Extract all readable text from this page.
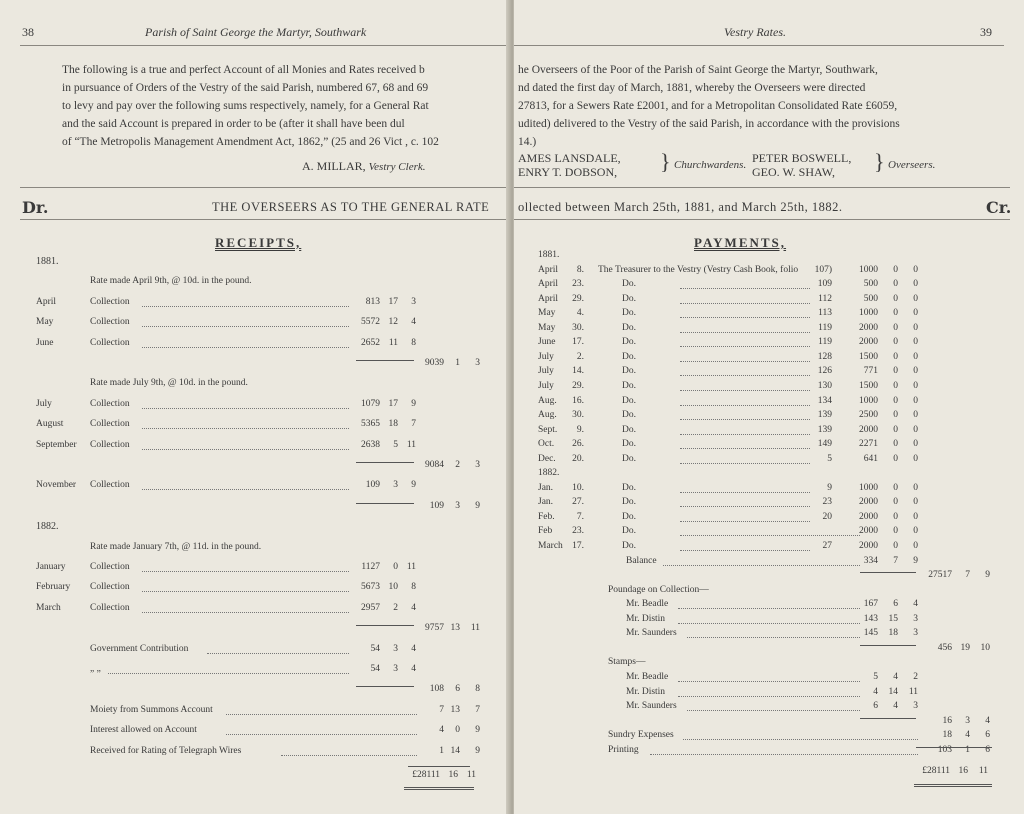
38	Parish of Saint George the Martyr, Southwark
The following is a true and perfect Account of all Monies and Rates received b
in pursuance of Orders of the Vestry of the said Parish, numbered 67, 68 and 69
to levy and pay over the following sums respectively, namely, for a General Rat
and the said Account is prepared in order to be (after it shall have been dul
of “The Metropolis Management Amendment Act, 1862,” (25 and 26 Vict , c. 102
A. MILLAR, Vestry Clerk.
Dr.	THE OVERSEERS AS TO THE GENERAL RATE
RECEIPTS,
1881.
Rate made April 9th, @ 10d. in the pound.
April	Collection	813 17	3
May	Collection	5572 12	4
June	Collection	2652 11	8
9039	1	3
Rate made July 9th, @ 10d. in the pound.
July	Collection	1079 17	9
August	Collection	5365 18	7
September Collection	2638	5 11
9084	2	3
November Collection	109	3	9
109	3	9
1882.
Rate made January 7th, @ 11d. in the pound.
January	Collection	1127	0 11
February Collection	5673 10	8
March	Collection	2957	2	4
9757 13	11
Government Contribution	54	3	4
„ „	54	3	4
108	6	8
Moiety from Summons Account	7 13	7
Interest allowed on Account	4	0	9
Received for Rating of Telegraph Wires	1 14	9
£28111 16 11
Vestry Rates.	39
he Overseers of the Poor of the Parish of Saint George the Martyr, Southwark,
nd dated the first day of March, 1881, whereby the Overseers were directed
27813, for a Sewers Rate £2001, and for a Metropolitan Consolidated Rate £6059,
udited) delivered to the Vestry of the said Parish, in accordance with the provisions
14.)
AMES LANSDALE,
ENRY T. DOBSON, } Churchwardens. PETER BOSWELL,
GEO. W. SHAW,	} Overseers.
ollected between March 25th, 1881, and March 25th, 1882.	Cr.
PAYMENTS,
1881.
April	8. The Treasurer to the Vestry (Vestry Cash Book, folio 107)	1000	0	0
April	23.	Do.	109	500	0	0
April	29.	Do.	112	500	0	0
May	4.	Do.	113	1000	0	0
May	30.	Do.	119	2000	0	0
June	17.	Do.	119	2000	0	0
July	2.	Do.	128	1500	0	0
July	14.	Do.	126	771	0	0
July	29.	Do.	130	1500	0	0
Aug.	16.	Do.	134	1000	0	0
Aug.	30.	Do.	139	2500	0	0
Sept.	9.	Do.	139	2000	0	0
Oct.	26.	Do.	149	2271	0	0
Dec.	20.	Do.	5	641	0	0
1882.
Jan.	10.	Do.	9	1000	0	0
Jan.	27.	Do.	23	2000	0	0
Feb.	7.	Do.	20	2000	0	0
Feb	23.	Do.	2000	0	0
March 17.	Do.	27	2000	0	0
Balance	334	7	9
27517	7	9
Poundage on Collection—
Mr. Beadle	167	6	4
Mr. Distin	143	15	3
Mr. Saunders	145	18	3
456 19	10
Stamps—
Mr. Beadle	5	4	2
Mr. Distin	4	14	11
Mr. Saunders	6	4	3
16	3	4
Sundry Expenses	18	4	6
Printing	103	1	6
£28111 16	11
